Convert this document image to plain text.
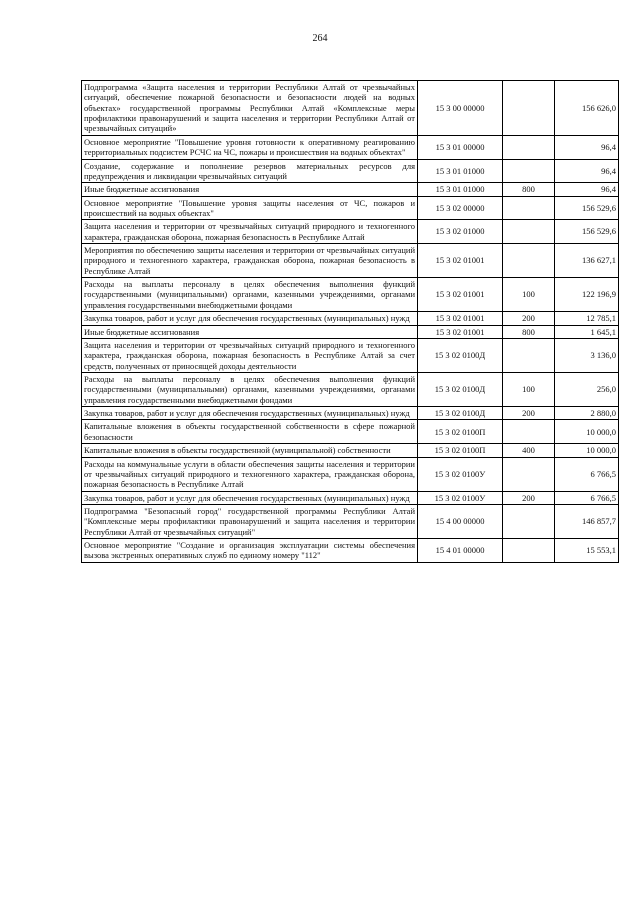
264
Подпрограмма «Защита населения и территории Республики Алтай от чрезвычайных ситуаций, обеспечение пожарной безопасности и безопасности людей на водных объектах» государственной программы Республики Алтай «Комплексные меры профилактики правонарушений и защита населения и территории Республики Алтай от чрезвычайных ситуаций»	15 3 00 00000		156 626,0
Основное мероприятие "Повышение уровня готовности к оперативному реагированию территориальных подсистем РСЧС на ЧС, пожары и происшествия на водных объектах"	15 3 01 00000		96,4
Создание, содержание и пополнение резервов материальных ресурсов для предупреждения и ликвидации чрезвычайных ситуаций	15 3 01 01000		96,4
Иные бюджетные ассигнования	15 3 01 01000	800	96,4
Основное мероприятие "Повышение уровня защиты населения от ЧС, пожаров и происшествий на водных объектах"	15 3 02 00000		156 529,6
Защита населения и территории от чрезвычайных ситуаций природного и техногенного характера, гражданская оборона, пожарная безопасность в Республике Алтай	15 3 02 01000		156 529,6
Мероприятия по обеспечению защиты населения и территории от чрезвычайных ситуаций природного и техногенного характера, гражданская оборона, пожарная безопасность в Республике Алтай	15 3 02 01001		136 627,1
Расходы на выплаты персоналу в целях обеспечения выполнения функций государственными (муниципальными) органами, казенными учреждениями, органами управления государственными внебюджетными фондами	15 3 02 01001	100	122 196,9
Закупка товаров, работ и услуг для обеспечения государственных (муниципальных) нужд	15 3 02 01001	200	12 785,1
Иные бюджетные ассигнования	15 3 02 01001	800	1 645,1
Защита населения и территории от чрезвычайных ситуаций природного и техногенного характера, гражданская оборона, пожарная безопасность в Республике Алтай за счет средств, полученных от приносящей доходы деятельности	15 3 02 0100Д		3 136,0
Расходы на выплаты персоналу в целях обеспечения выполнения функций государственными (муниципальными) органами, казенными учреждениями, органами управления государственными внебюджетными фондами	15 3 02 0100Д	100	256,0
Закупка товаров, работ и услуг для обеспечения государственных (муниципальных) нужд	15 3 02 0100Д	200	2 880,0
Капитальные вложения в объекты государственной собственности в сфере пожарной безопасности	15 3 02 0100П		10 000,0
Капитальные вложения в объекты государственной (муниципальной) собственности	15 3 02 0100П	400	10 000,0
Расходы на коммунальные услуги в области обеспечения защиты населения и территории от чрезвычайных ситуаций природного и техногенного характера, гражданская оборона, пожарная безопасность в Республике Алтай	15 3 02 0100У		6 766,5
Закупка товаров, работ и услуг для обеспечения государственных (муниципальных) нужд	15 3 02 0100У	200	6 766,5
Подпрограмма "Безопасный город" государственной программы Республики Алтай "Комплексные меры профилактики правонарушений и защита населения и территории Республики Алтай от чрезвычайных ситуаций"	15 4 00 00000		146 857,7
Основное мероприятие "Создание и организация эксплуатации системы обеспечения вызова экстренных оперативных служб по единому номеру "112"	15 4 01 00000		15 553,1
